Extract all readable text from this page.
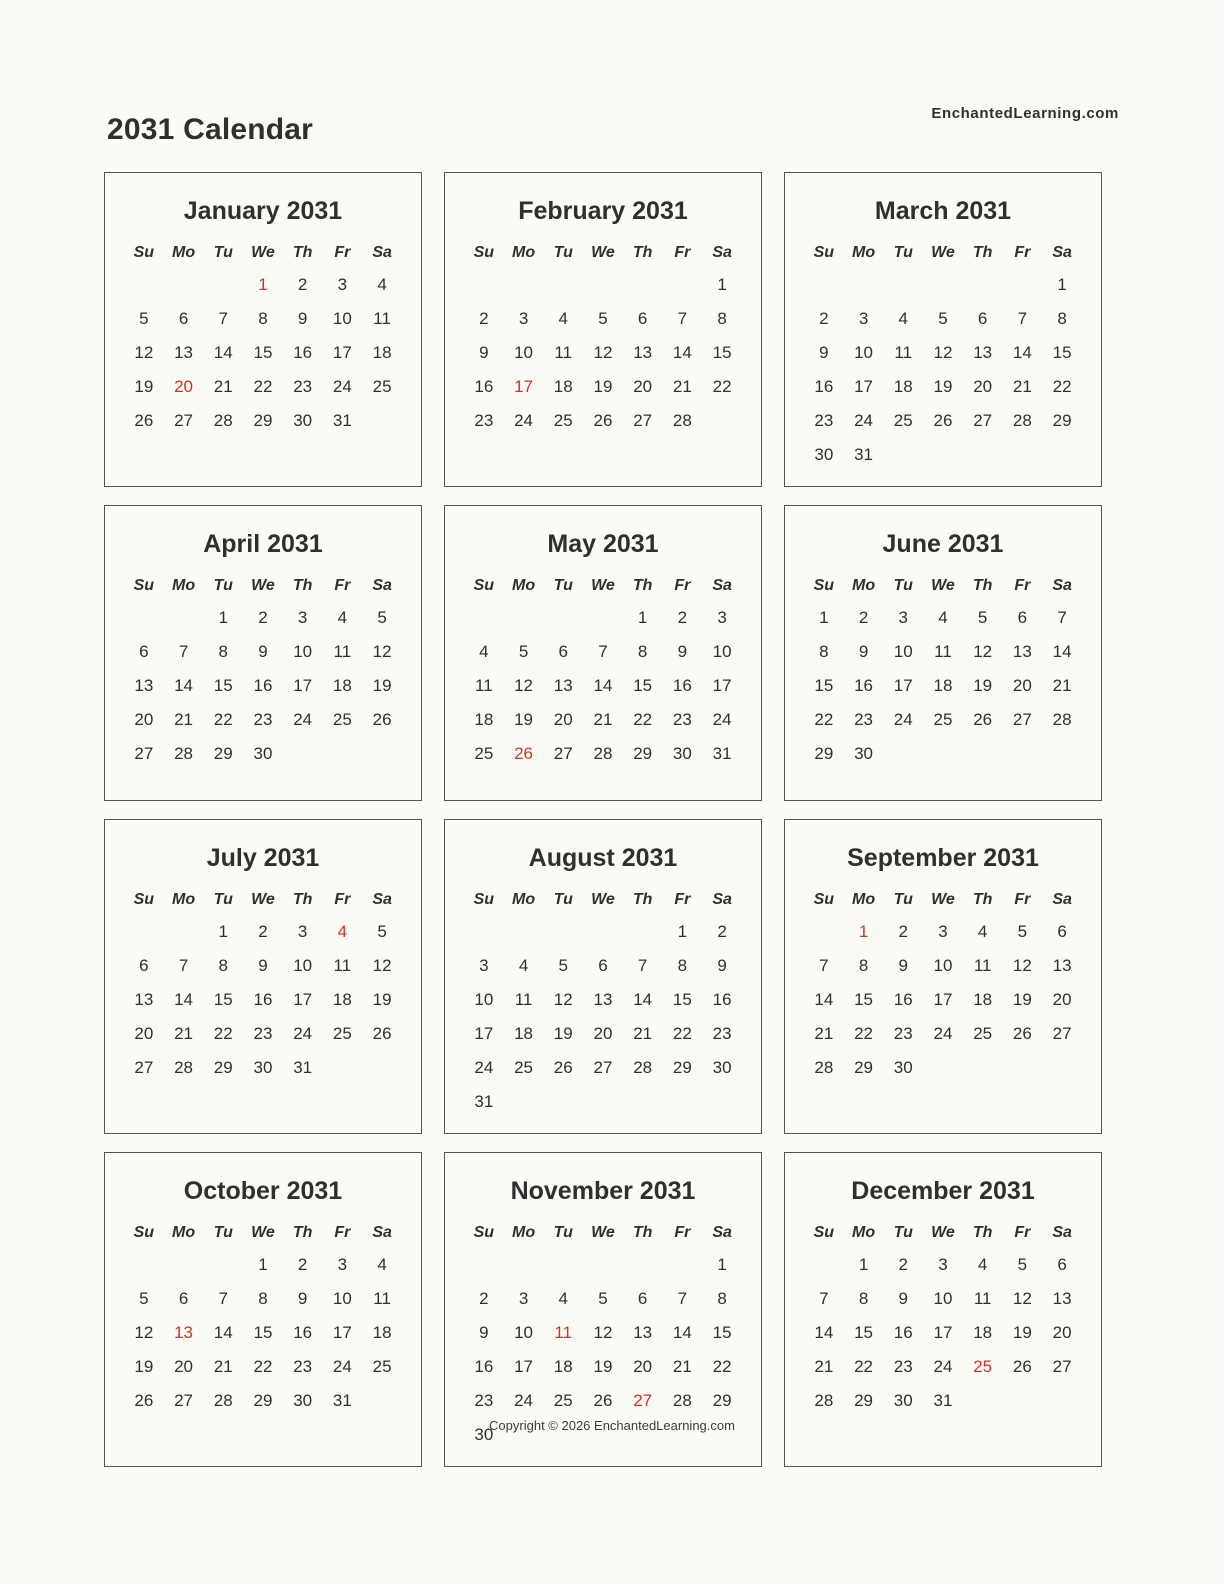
EnchantedLearning.com
2031 Calendar
January 2031
Su	Mo	Tu	We	Th	Fr	Sa
			1	2	3	4
5	6	7	8	9	10	11
12	13	14	15	16	17	18
19	20	21	22	23	24	25
26	27	28	29	30	31	
February 2031
Su	Mo	Tu	We	Th	Fr	Sa
						1
2	3	4	5	6	7	8
9	10	11	12	13	14	15
16	17	18	19	20	21	22
23	24	25	26	27	28	
March 2031
Su	Mo	Tu	We	Th	Fr	Sa
						1
2	3	4	5	6	7	8
9	10	11	12	13	14	15
16	17	18	19	20	21	22
23	24	25	26	27	28	29
30	31					
April 2031
Su	Mo	Tu	We	Th	Fr	Sa
		1	2	3	4	5
6	7	8	9	10	11	12
13	14	15	16	17	18	19
20	21	22	23	24	25	26
27	28	29	30			
May 2031
Su	Mo	Tu	We	Th	Fr	Sa
				1	2	3
4	5	6	7	8	9	10
11	12	13	14	15	16	17
18	19	20	21	22	23	24
25	26	27	28	29	30	31
June 2031
Su	Mo	Tu	We	Th	Fr	Sa
1	2	3	4	5	6	7
8	9	10	11	12	13	14
15	16	17	18	19	20	21
22	23	24	25	26	27	28
29	30					
July 2031
Su	Mo	Tu	We	Th	Fr	Sa
		1	2	3	4	5
6	7	8	9	10	11	12
13	14	15	16	17	18	19
20	21	22	23	24	25	26
27	28	29	30	31		
August 2031
Su	Mo	Tu	We	Th	Fr	Sa
					1	2
3	4	5	6	7	8	9
10	11	12	13	14	15	16
17	18	19	20	21	22	23
24	25	26	27	28	29	30
31						
September 2031
Su	Mo	Tu	We	Th	Fr	Sa
	1	2	3	4	5	6
7	8	9	10	11	12	13
14	15	16	17	18	19	20
21	22	23	24	25	26	27
28	29	30				
October 2031
Su	Mo	Tu	We	Th	Fr	Sa
			1	2	3	4
5	6	7	8	9	10	11
12	13	14	15	16	17	18
19	20	21	22	23	24	25
26	27	28	29	30	31	
November 2031
Su	Mo	Tu	We	Th	Fr	Sa
						1
2	3	4	5	6	7	8
9	10	11	12	13	14	15
16	17	18	19	20	21	22
23	24	25	26	27	28	29
30						
December 2031
Su	Mo	Tu	We	Th	Fr	Sa
	1	2	3	4	5	6
7	8	9	10	11	12	13
14	15	16	17	18	19	20
21	22	23	24	25	26	27
28	29	30	31			
Copyright © 2026 EnchantedLearning.com
